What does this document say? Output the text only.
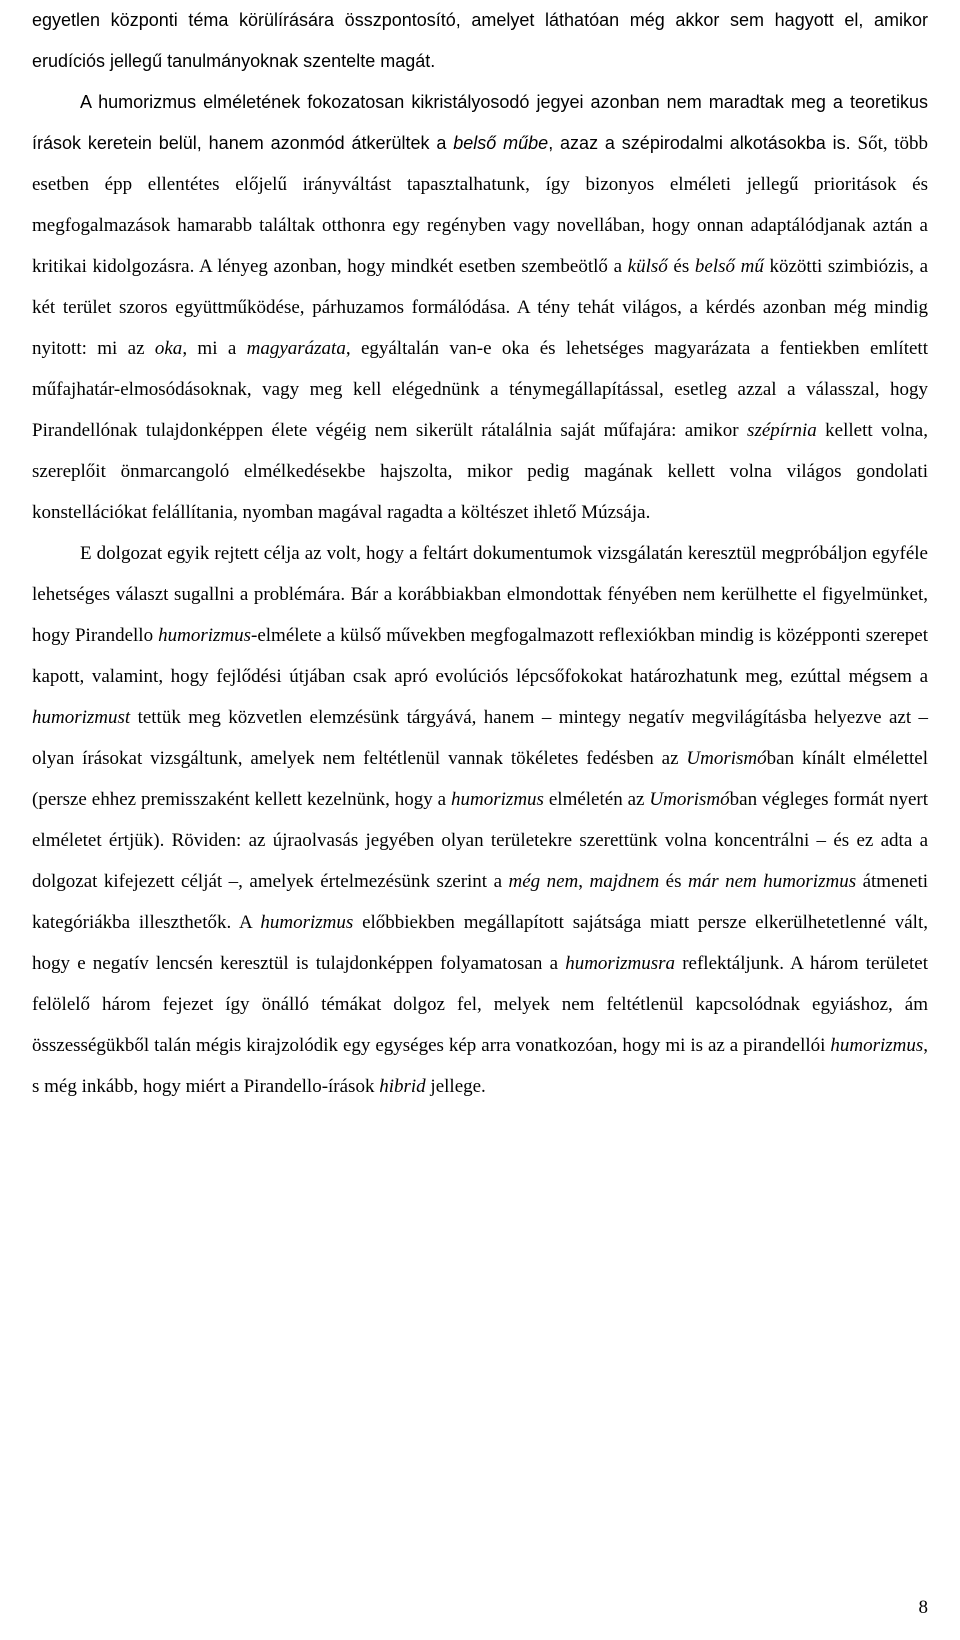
egyetlen központi téma körülírására összpontosító, amelyet láthatóan még akkor sem hagyott el, amikor erudíciós jellegű tanulmányoknak szentelte magát.

A humorizmus elméletének fokozatosan kikristályosodó jegyei azonban nem maradtak meg a teoretikus írások keretein belül, hanem azonmód átkerültek a belső műbe, azaz a szépirodalmi alkotásokba is. Sőt, több esetben épp ellentétes előjelű irányváltást tapasztalhatunk, így bizonyos elméleti jellegű prioritások és megfogalmazások hamarabb találtak otthonra egy regényben vagy novellában, hogy onnan adaptálódjanak aztán a kritikai kidolgozásra. A lényeg azonban, hogy mindkét esetben szembeötlő a külső és belső mű közötti szimbiózis, a két terület szoros együttműködése, párhuzamos formálódása. A tény tehát világos, a kérdés azonban még mindig nyitott: mi az oka, mi a magyarázata, egyáltalán van-e oka és lehetséges magyarázata a fentiekben említett műfajhatár-elmosódásoknak, vagy meg kell elégednünk a ténymegállapítással, esetleg azzal a válasszal, hogy Pirandellónak tulajdonképpen élete végéig nem sikerült rátalálnia saját műfajára: amikor szépírnia kellett volna, szereplőit önmarcangoló elmélkedésekbe hajszolta, mikor pedig magának kellett volna világos gondolati konstellációkat felállítania, nyomban magával ragadta a költészet ihlető Múzsája.

E dolgozat egyik rejtett célja az volt, hogy a feltárt dokumentumok vizsgálatán keresztül megpróbáljon egyféle lehetséges választ sugallni a problémára. Bár a korábbiakban elmondottak fényében nem kerülhette el figyelmünket, hogy Pirandello humorizmus-elmélete a külső művekben megfogalmazott reflexiókban mindig is középponti szerepet kapott, valamint, hogy fejlődési útjában csak apró evolúciós lépcsőfokokat határozhatunk meg, ezúttal mégsem a humorizmust tettük meg közvetlen elemzésünk tárgyává, hanem – mintegy negatív megvilágításba helyezve azt – olyan írásokat vizsgáltunk, amelyek nem feltétlenül vannak tökéletes fedésben az Umorismóban kínált elmélettel (persze ehhez premisszaként kellett kezelnünk, hogy a humorizmus elméletén az Umorismóban végleges formát nyert elméletet értjük). Röviden: az újraolvasás jegyében olyan területekre szerettünk volna koncentrálni – és ez adta a dolgozat kifejezett célját –, amelyek értelmezésünk szerint a még nem, majdnem és már nem humorizmus átmeneti kategóriákba illeszthetők. A humorizmus előbbiekben megállapított sajátsága miatt persze elkerülhetetlenné vált, hogy e negatív lencsén keresztül is tulajdonképpen folyamatosan a humorizmusra reflektáljunk. A három területet felölelő három fejezet így önálló témákat dolgoz fel, melyek nem feltétlenül kapcsolódnak egyiáshoz, ám összességükből talán mégis kirajzolódik egy egységes kép arra vonatkozóan, hogy mi is az a pirandellói humorizmus, s még inkább, hogy miért a Pirandello-írások hibrid jellege.

8
